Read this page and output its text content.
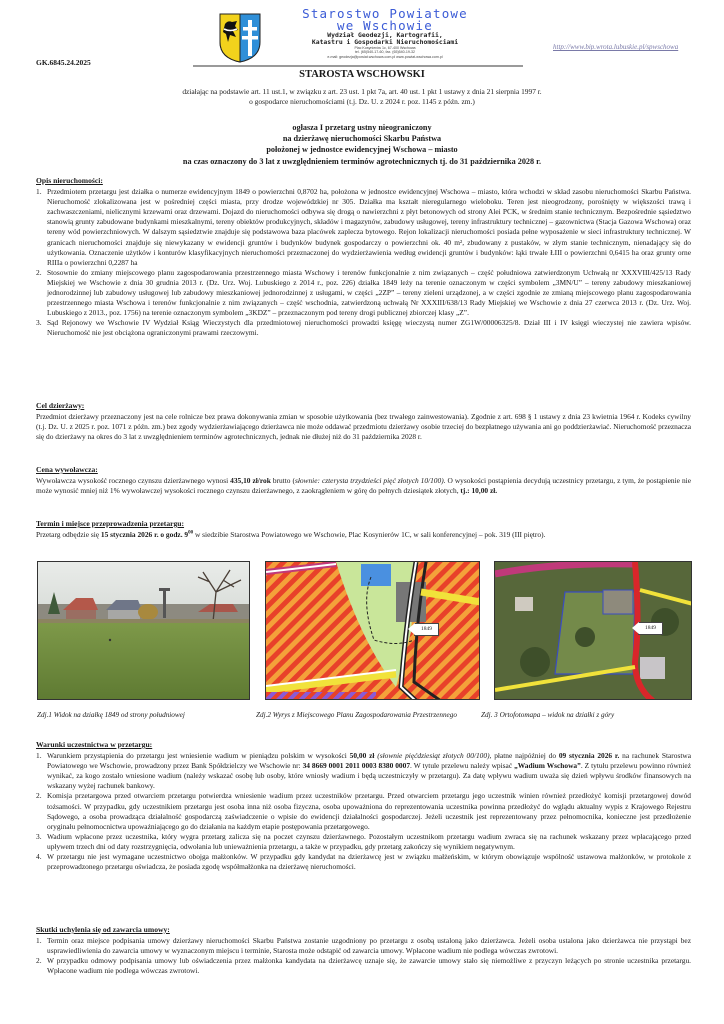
Starostwo Powiatowe
we Wschowie
Wydział Geodezji, Kartografii,
Katastru i Gospodarki Nieruchomościami
Plac Kosynierów 1c, 67-400 Wschowa
tel. (65)540-17-60, fax. (65)540-19-32
e-mail: geodezja@powiat.wschowa.com.pl www.powiat-wschowa.com.pl
GK.6845.24.2025
http://www.bip.wrota.lubuskie.pl/spwschowa
STAROSTA WSCHOWSKI
działając na podstawie art. 11 ust.1, w związku z art. 23 ust. 1 pkt 7a, art. 40 ust. 1 pkt 1 ustawy z dnia 21 sierpnia 1997 r.
o gospodarce nieruchomościami (t.j. Dz. U. z 2024 r. poz. 1145 z późn. zm.)
ogłasza I przetarg ustny nieograniczony
na dzierżawę nieruchomości Skarbu Państwa
położonej w jednostce ewidencyjnej Wschowa – miasto
na czas oznaczony do 3 lat z uwzględnieniem terminów agrotechnicznych tj. do 31 października 2028 r.
Opis nieruchomości:
1. Przedmiotem przetargu jest działka o numerze ewidencyjnym 1849 o powierzchni 0,8702 ha, położona w jednostce ewidencyjnej Wschowa – miasto, która wchodzi w skład zasobu nieruchomości Skarbu Państwa. Nieruchomość zlokalizowana jest w pośredniej części miasta, przy drodze wojewódzkiej nr 305. Działka ma kształt nieregularnego wieloboku. Teren jest nieogrodzony, porośnięty w większości trawą i zachwaszczeniami, nielicznymi krzewami oraz drzewami. Dojazd do nieruchomości odbywa się drogą o nawierzchni z płyt betonowych od strony Alei PCK, w średnim stanie technicznym. Bezpośrednie sąsiedztwo stanowią grunty zabudowane budynkami mieszkalnymi, tereny obiektów produkcyjnych, składów i magazynów, zabudowy usługowej, tereny infrastruktury technicznej – gazownictwa (Stacja Gazowa Wschowa) oraz tereny wód powierzchniowych. W dalszym sąsiedztwie znajduje się podstawowa baza placówek zaplecza bytowego. Rejon lokalizacji nieruchomości posiada pełne wyposażenie w sieci infrastruktury technicznej. W granicach nieruchomości znajduje się niewykazany w ewidencji gruntów i budynków budynek gospodarczy o powierzchni ok. 40 m², zbudowany z pustaków, w złym stanie technicznym, nienadający się do użytkowania. Oznaczenie użytków i konturów klasyfikacyjnych nieruchomości przeznaczonej do wydzierżawienia według ewidencji gruntów i budynków: łąki trwałe ŁIII o powierzchni 0,6415 ha oraz grunty orne RIIIa o powierzchni 0,2287 ha
2. Stosownie do zmiany miejscowego planu zagospodarowania przestrzennego miasta Wschowy i terenów funkcjonalnie z nim związanych – część południowa zatwierdzonym Uchwałą nr XXXVIII/425/13 Rady Miejskiej we Wschowie z dnia 30 grudnia 2013 r. (Dz. Urz. Woj. Lubuskiego z 2014 r., poz. 226) działka 1849 leży na terenie oznaczonym w części symbolem „3MN/U” – tereny zabudowy mieszkaniowej jednorodzinnej lub zabudowy usługowej lub zabudowy mieszkaniowej jednorodzinnej z usługami, w części „2ZP” – tereny zieleni urządzonej, a w części zgodnie ze zmianą miejscowego planu zagospodarowania przestrzennego miasta Wschowa i terenów funkcjonalnie z nim związanych – część wschodnia, zatwierdzoną uchwałą Nr XXXIII/638/13 Rady Miejskiej we Wschowie z dnia 27 czerwca 2013 r. (Dz. Urz. Woj. Lubuskiego z 2013., poz. 1756) na terenie oznaczonym symbolem „3KDZ” – przeznaczonym pod tereny drogi publicznej zbiorczej klasy „Z”.
3. Sąd Rejonowy we Wschowie IV Wydział Ksiąg Wieczystych dla przedmiotowej nieruchomości prowadzi księgę wieczystą numer ZG1W/00006325/8. Dział III i IV księgi wieczystej nie zawiera wpisów. Nieruchomość nie jest obciążona ograniczonymi prawami rzeczowymi.
Cel dzierżawy:
Przedmiot dzierżawy przeznaczony jest na cele rolnicze bez prawa dokonywania zmian w sposobie użytkowania (bez trwałego zainwestowania). Zgodnie z art. 698 § 1 ustawy z dnia 23 kwietnia 1964 r. Kodeks cywilny (t.j. Dz. U. z 2025 r. poz. 1071 z późn. zm.) bez zgody wydzierżawiającego dzierżawca nie może oddawać przedmiotu dzierżawy osobie trzeciej do bezpłatnego używania ani go poddzierżawiać. Nieruchomość przeznacza się do dzierżawy na okres do 3 lat z uwzględnieniem terminów agrotechnicznych, jednak nie dłużej niż do 31 października 2028 r.
Cena wywoławcza:
Wywoławcza wysokość rocznego czynszu dzierżawnego wynosi 435,10 zł/rok brutto (słownie: czterysta trzydzieści pięć złotych 10/100). O wysokości postąpienia decydują uczestnicy przetargu, z tym, że postąpienie nie może wynosić mniej niż 1% wywoławczej wysokości rocznego czynszu dzierżawnego, z zaokrągleniem w górę do pełnych dziesiątek złotych, tj.: 10,00 zł.
Termin i miejsce przeprowadzenia przetargu:
Przetarg odbędzie się 15 stycznia 2026 r. o godz. $9^{00}$ w siedzibie Starostwa Powiatowego we Wschowie, Plac Kosynierów 1C, w sali konferencyjnej – pok. 319 (III piętro).
1849	1849
Zdj.1 Widok na działkę 1849 od strony południowej	Zdj.2 Wyrys z Miejscowego Planu Zagospodarowania Przestrzennego	Zdj. 3 Ortofotomapa – widok na działki z góry
Warunki uczestnictwa w przetargu:
1. Warunkiem przystąpienia do przetargu jest wniesienie wadium w pieniądzu polskim w wysokości 50,00 zł (słownie pięćdziesiąt złotych 00/100), płatne najpóźniej do 09 stycznia 2026 r. na rachunek Starostwa Powiatowego we Wschowie, prowadzony przez Bank Spółdzielczy we Wschowie nr: 34 8669 0001 2011 0003 8380 0007. W tytule przelewu należy wpisać „Wadium Wschowa”. Z tytułu przelewu powinno również wynikać, za kogo zostało wniesione wadium (należy wskazać osobę lub osoby, które wniosły wadium i będą uczestniczyły w przetargu). Za datę wpływu wadium uważa się dzień wpływu środków finansowych na wskazany wyżej rachunek bankowy.
2. Komisja przetargowa przed otwarciem przetargu potwierdza wniesienie wadium przez uczestników przetargu. Przed otwarciem przetargu jego uczestnik winien również przedłożyć komisji przetargowej dowód tożsamości. W przypadku, gdy uczestnikiem przetargu jest osoba inna niż osoba fizyczna, osoba upoważniona do reprezentowania uczestnika powinna przedłożyć do wglądu aktualny wypis z Krajowego Rejestru Sądowego, a osoba prowadząca działalność gospodarczą zaświadczenie o wpisie do ewidencji działalności gospodarczej. Jeżeli uczestnik jest reprezentowany przez pełnomocnika, konieczne jest przedłożenie oryginału pełnomocnictwa upoważniającego go do działania na każdym etapie postępowania przetargowego.
3. Wadium wpłacone przez uczestnika, który wygra przetarg zalicza się na poczet czynszu dzierżawnego. Pozostałym uczestnikom przetargu wadium zwraca się na rachunek wskazany przez wpłacającego przed upływem trzech dni od daty rozstrzygnięcia, odwołania lub unieważnienia przetargu, a także w przypadku, gdy przetarg zakończy się wynikiem negatywnym.
4. W przetargu nie jest wymagane uczestnictwo obojga małżonków. W przypadku gdy kandydat na dzierżawcę jest w związku małżeńskim, w którym obowiązuje wspólność ustawowa małżonków, w protokole z przeprowadzonego przetargu oświadcza, że posiada zgodę współmałżonka na dzierżawę nieruchomości.
Skutki uchylenia się od zawarcia umowy:
1. Termin oraz miejsce podpisania umowy dzierżawy nieruchomości Skarbu Państwa zostanie uzgodniony po przetargu z osobą ustaloną jako dzierżawca. Jeżeli osoba ustalona jako dzierżawca nie przystąpi bez usprawiedliwienia do zawarcia umowy w wyznaczonym miejscu i terminie, Starosta może odstąpić od zawarcia umowy. Wpłacone wadium nie podlega wówczas zwrotowi.
2. W przypadku odmowy podpisania umowy lub oświadczenia przez małżonka kandydata na dzierżawcę uznaje się, że zawarcie umowy stało się niemożliwe z przyczyn leżących po stronie uczestnika przetargu. Wpłacone wadium nie podlega wówczas zwrotowi.
